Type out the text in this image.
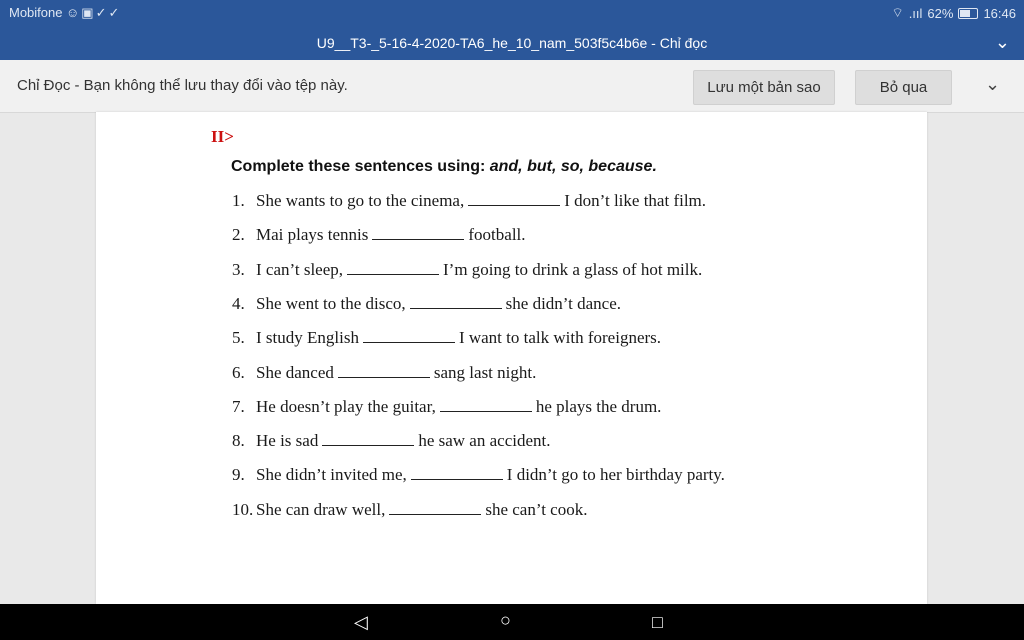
Mobifone ☺▣✓✓	⌔ .ııl 62% 16:46
U9__T3-_5-16-4-2020-TA6_he_10_nam_503f5c4b6e - Chỉ đọc	⌄
Chỉ Đọc - Bạn không thể lưu thay đổi vào tệp này.	Lưu một bản sao	Bỏ qua	⌄
II>
Complete these sentences using: and, but, so, because.
1. She wants to go to the cinema,	I don’t like that film.
2. Mai plays tennis	football.
3. I can’t sleep,	I’m going to drink a glass of hot milk.
4. She went to the disco,	she didn’t dance.
5. I study English	I want to talk with foreigners.
6. She danced	sang last night.
7. He doesn’t play the guitar,	he plays the drum.
8. He is sad	he saw an accident.
9. She didn’t invited me,	I didn’t go to her birthday party.
10. She can draw well,	she can’t cook.
◁	○	□
